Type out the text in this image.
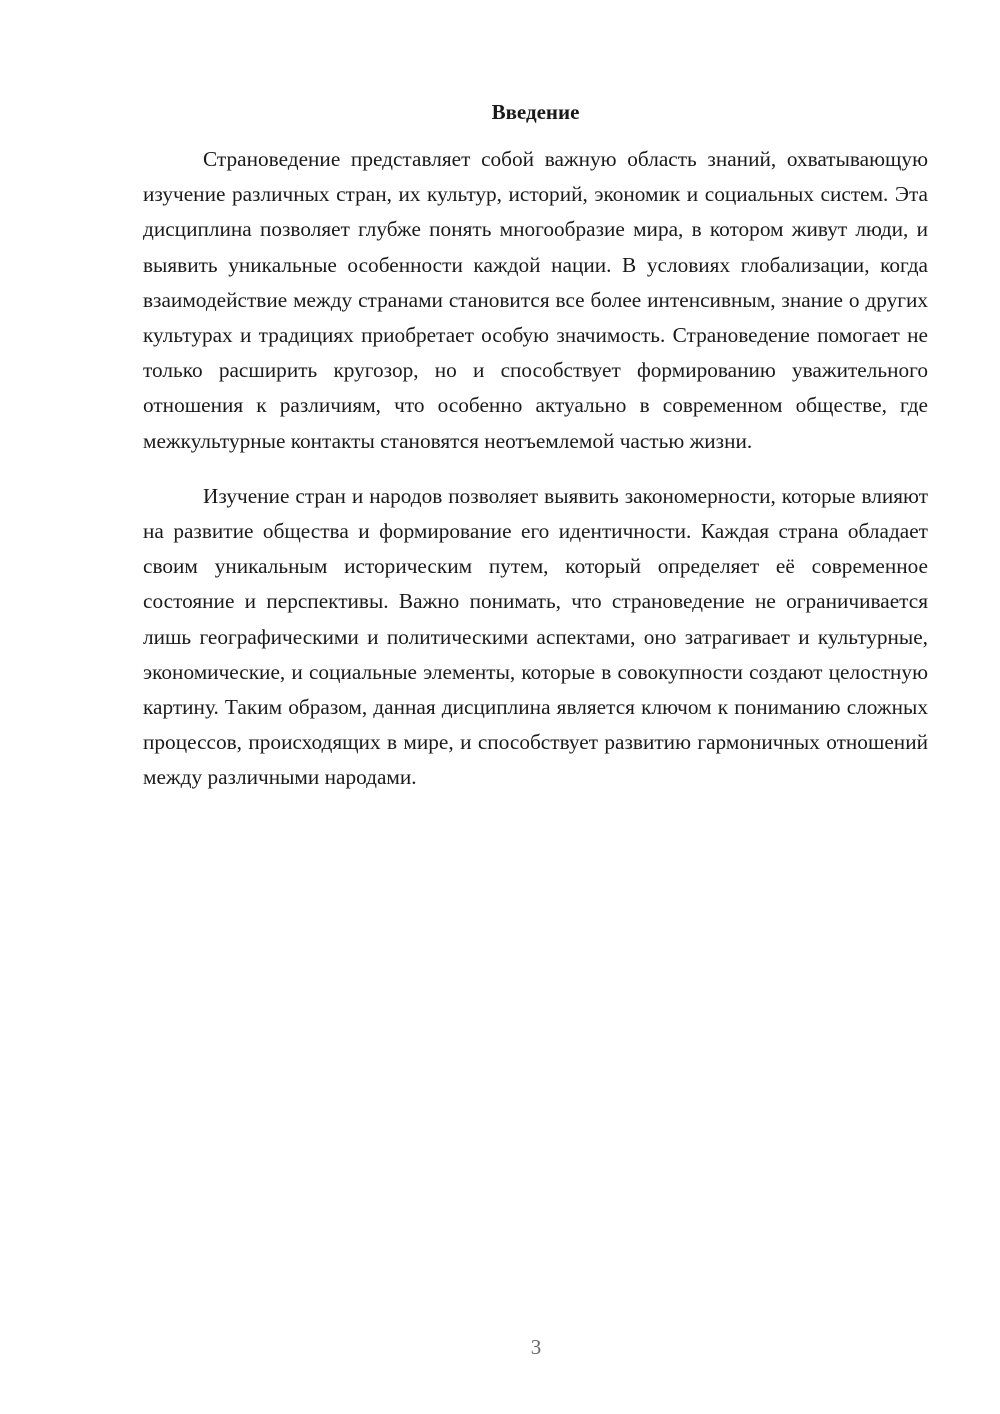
Введение

Страноведение представляет собой важную область знаний, охватывающую изучение различных стран, их культур, историй, экономик и социальных систем. Эта дисциплина позволяет глубже понять многообразие мира, в котором живут люди, и выявить уникальные особенности каждой нации. В условиях глобализации, когда взаимодействие между странами становится все более интенсивным, знание о других культурах и традициях приобретает особую значимость. Страноведение помогает не только расширить кругозор, но и способствует формированию уважительного отношения к различиям, что особенно актуально в современном обществе, где межкультурные контакты становятся неотъемлемой частью жизни.

Изучение стран и народов позволяет выявить закономерности, которые влияют на развитие общества и формирование его идентичности. Каждая страна обладает своим уникальным историческим путем, который определяет её современное состояние и перспективы. Важно понимать, что страноведение не ограничивается лишь географическими и политическими аспектами, оно затрагивает и культурные, экономические, и социальные элементы, которые в совокупности создают целостную картину. Таким образом, данная дисциплина является ключом к пониманию сложных процессов, происходящих в мире, и способствует развитию гармоничных отношений между различными народами.

3
